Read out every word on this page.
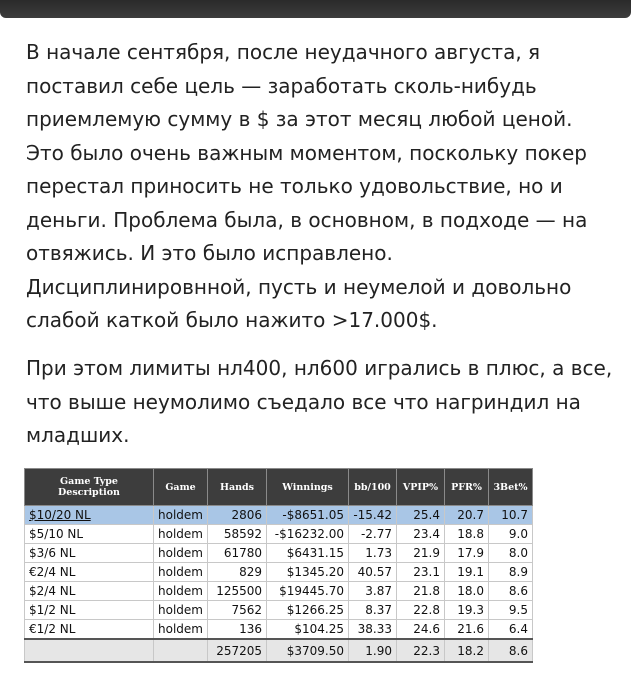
В начале сентября, после неудачного августа, я поставил себе цель — заработать сколь-нибудь приемлемую сумму в $ за этот месяц любой ценой. Это было очень важным моментом, поскольку покер перестал приносить не только удовольствие, но и деньги. Проблема была, в основном, в подходе — на отвяжись. И это было исправлено. Дисциплинировнной, пусть и неумелой и довольно слабой каткой было нажито >17.000$.

При этом лимиты нл400, нл600 игрались в плюс, а все, что выше неумолимо съедало все что нагриндил на младших.

Game Type Description	Game	Hands	Winnings	bb/100	VPIP%	PFR%	3Bet%
$10/20 NL	holdem	2806	-$8651.05	-15.42	25.4	20.7	10.7
$5/10 NL	holdem	58592	-$16232.00	-2.77	23.4	18.8	9.0
$3/6 NL	holdem	61780	$6431.15	1.73	21.9	17.9	8.0
€2/4 NL	holdem	829	$1345.20	40.57	23.1	19.1	8.9
$2/4 NL	holdem	125500	$19445.70	3.87	21.8	18.0	8.6
$1/2 NL	holdem	7562	$1266.25	8.37	22.8	19.3	9.5
€1/2 NL	holdem	136	$104.25	38.33	24.6	21.6	6.4
		257205	$3709.50	1.90	22.3	18.2	8.6
